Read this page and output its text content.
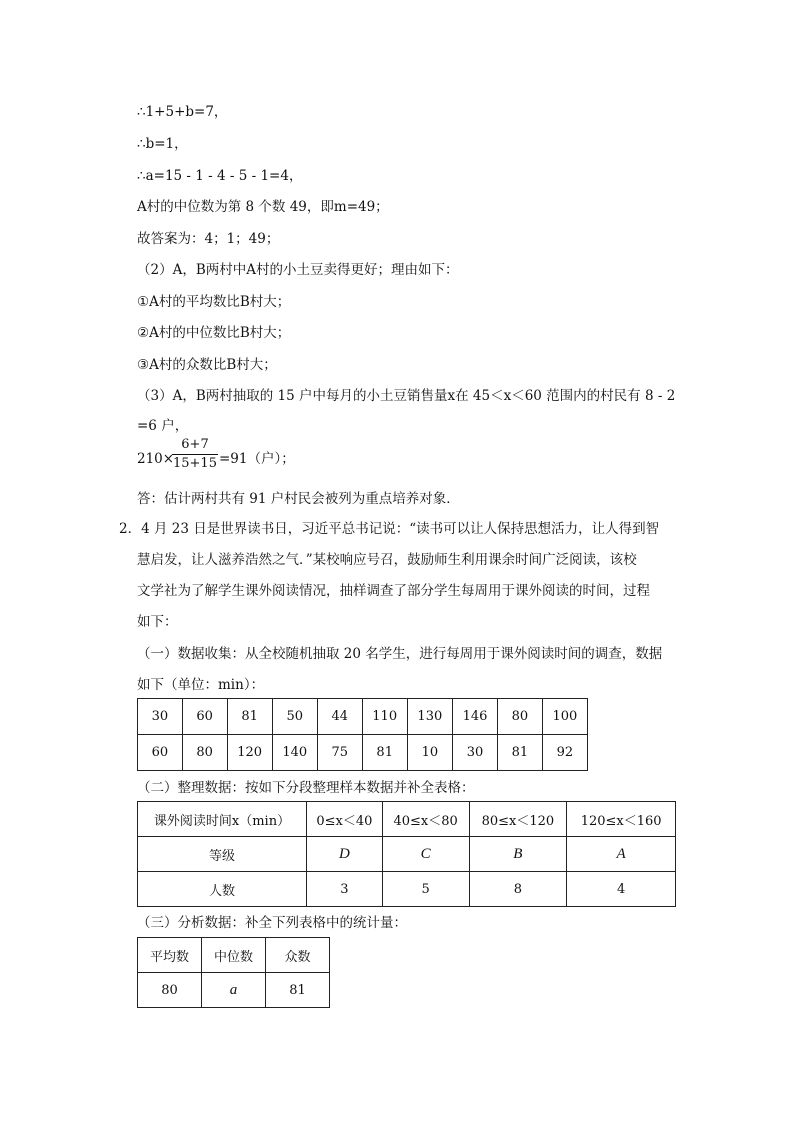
∴1+5+b=7，
∴b=1，
∴a=15 - 1 - 4 - 5 - 1=4，
A村的中位数为第 8 个数 49，即m=49；
故答案为：4；1；49；
（2）A，B两村中A村的小土豆卖得更好；理由如下：
①A村的平均数比B村大；
②A村的中位数比B村大；
③A村的众数比B村大；
（3）A，B两村抽取的 15 户中每月的小土豆销售量x在 45＜x＜60 范围内的村民有 8 - 2
=6 户，
210×
6+7
15+15 =91（户）；
答：估计两村共有 91 户村民会被列为重点培养对象．
2．4 月 23 日是世界读书日，习近平总书记说：“读书可以让人保持思想活力，让人得到智
慧启发，让人滋养浩然之气．”某校响应号召，鼓励师生利用课余时间广泛阅读，该校
文学社为了解学生课外阅读情况，抽样调查了部分学生每周用于课外阅读的时间，过程
如下：
（一）数据收集：从全校随机抽取 20 名学生，进行每周用于课外阅读时间的调查，数据
如下（单位：min）：
30	60	81	50	44	110	130	146	80	100
60	80	120	140	75	81	10	30	81	92
（二）整理数据：按如下分段整理样本数据并补全表格：
课外阅读时间x（min）	0≤x＜40	40≤x＜80	80≤x＜120	120≤x＜160
等级	D	C	B	A
人数	3	5	8	4
（三）分析数据：补全下列表格中的统计量：
平均数	中位数	众数
80	a	81
